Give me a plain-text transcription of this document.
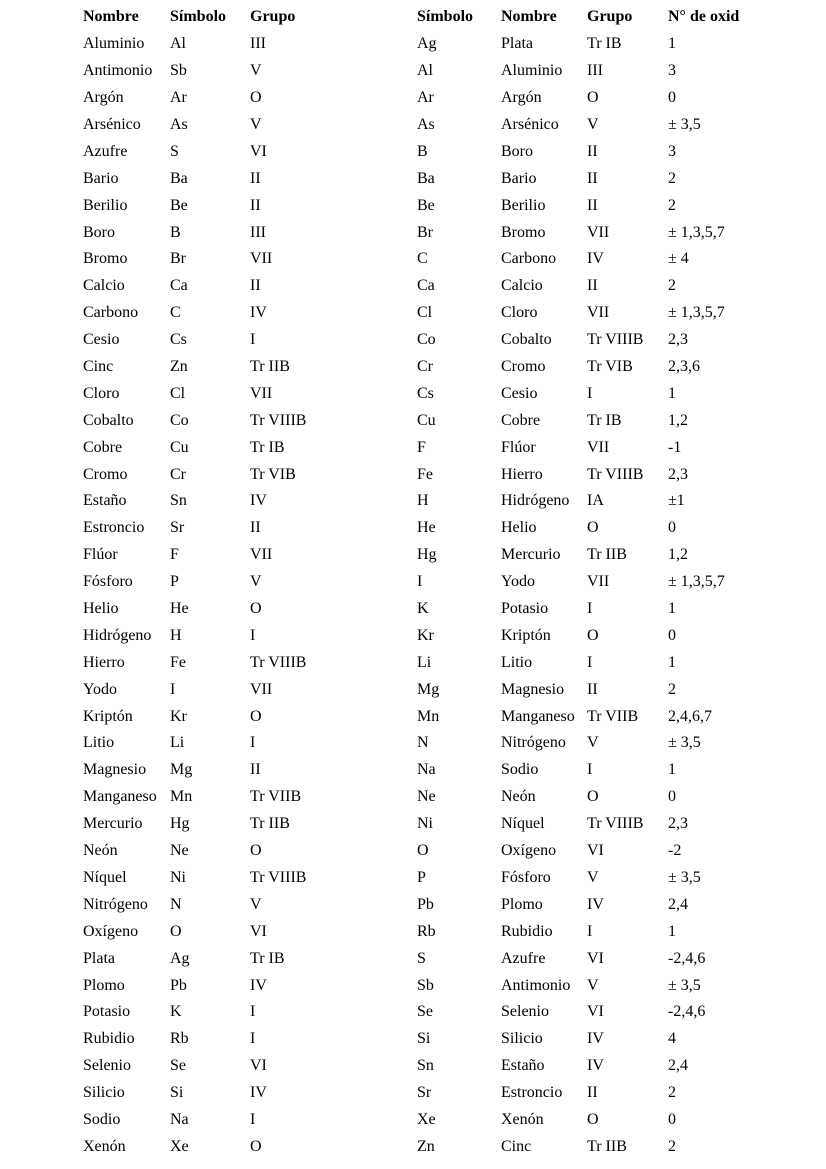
Nombre	Símbolo	Grupo
Aluminio	Al	III
Antimonio	Sb	V
Argón	Ar	O
Arsénico	As	V
Azufre	S	VI
Bario	Ba	II
Berilio	Be	II
Boro	B	III
Bromo	Br	VII
Calcio	Ca	II
Carbono	C	IV
Cesio	Cs	I
Cinc	Zn	Tr IIB
Cloro	Cl	VII
Cobalto	Co	Tr VIIIB
Cobre	Cu	Tr IB
Cromo	Cr	Tr VIB
Estaño	Sn	IV
Estroncio	Sr	II
Flúor	F	VII
Fósforo	P	V
Helio	He	O
Hidrógeno	H	I
Hierro	Fe	Tr VIIIB
Yodo	I	VII
Kriptón	Kr	O
Litio	Li	I
Magnesio	Mg	II
Manganeso	Mn	Tr VIIB
Mercurio	Hg	Tr IIB
Neón	Ne	O
Níquel	Ni	Tr VIIIB
Nitrógeno	N	V
Oxígeno	O	VI
Plata	Ag	Tr IB
Plomo	Pb	IV
Potasio	K	I
Rubidio	Rb	I
Selenio	Se	VI
Silicio	Si	IV
Sodio	Na	I
Xenón	Xe	O
Símbolo	Nombre	Grupo	N° de oxid
Ag	Plata	Tr IB	1
Al	Aluminio	III	3
Ar	Argón	O	0
As	Arsénico	V	± 3,5
B	Boro	II	3
Ba	Bario	II	2
Be	Berilio	II	2
Br	Bromo	VII	± 1,3,5,7
C	Carbono	IV	± 4
Ca	Calcio	II	2
Cl	Cloro	VII	± 1,3,5,7
Co	Cobalto	Tr VIIIB	2,3
Cr	Cromo	Tr VIB	2,3,6
Cs	Cesio	I	1
Cu	Cobre	Tr IB	1,2
F	Flúor	VII	-1
Fe	Hierro	Tr VIIIB	2,3
H	Hidrógeno	IA	±1
He	Helio	O	0
Hg	Mercurio	Tr IIB	1,2
I	Yodo	VII	± 1,3,5,7
K	Potasio	I	1
Kr	Kriptón	O	0
Li	Litio	I	1
Mg	Magnesio	II	2
Mn	Manganeso	Tr VIIB	2,4,6,7
N	Nitrógeno	V	± 3,5
Na	Sodio	I	1
Ne	Neón	O	0
Ni	Níquel	Tr VIIIB	2,3
O	Oxígeno	VI	-2
P	Fósforo	V	± 3,5
Pb	Plomo	IV	2,4
Rb	Rubidio	I	1
S	Azufre	VI	-2,4,6
Sb	Antimonio	V	± 3,5
Se	Selenio	VI	-2,4,6
Si	Silicio	IV	4
Sn	Estaño	IV	2,4
Sr	Estroncio	II	2
Xe	Xenón	O	0
Zn	Cinc	Tr IIB	2
